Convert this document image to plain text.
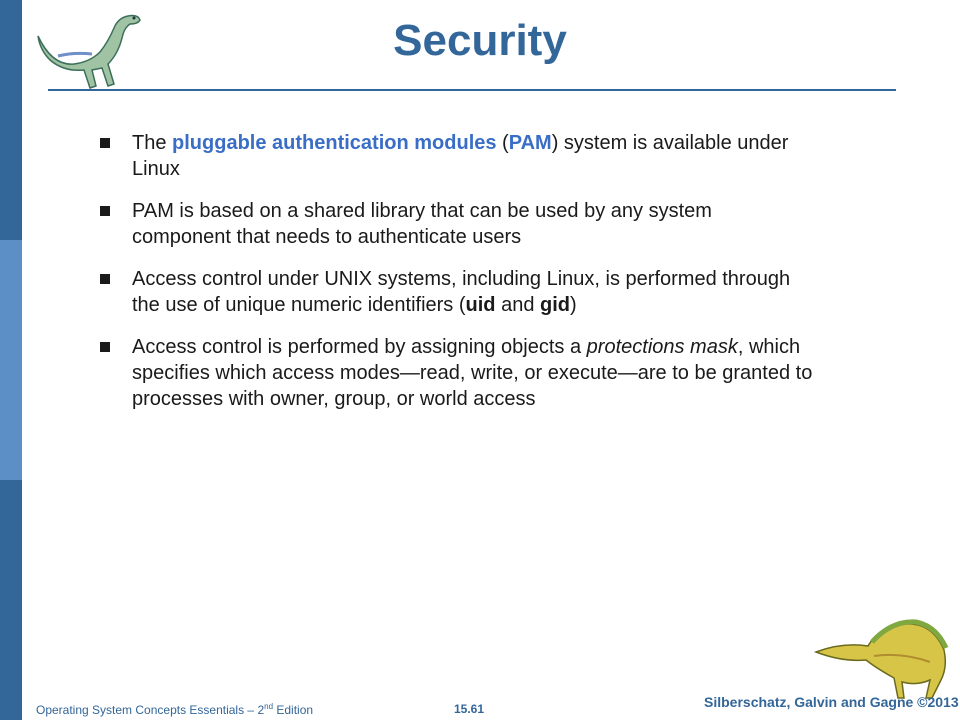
Security
The pluggable authentication modules (PAM) system is available under Linux
PAM is based on a shared library that can be used by any system component that needs to authenticate users
Access control under UNIX systems, including Linux, is performed through the use of unique numeric identifiers (uid and gid)
Access control is performed by assigning objects a protections mask, which specifies which access modes—read, write, or execute—are to be granted to processes with owner, group, or world access
Operating System Concepts Essentials – 2nd Edition	15.61	Silberschatz, Galvin and Gagne ©2013
